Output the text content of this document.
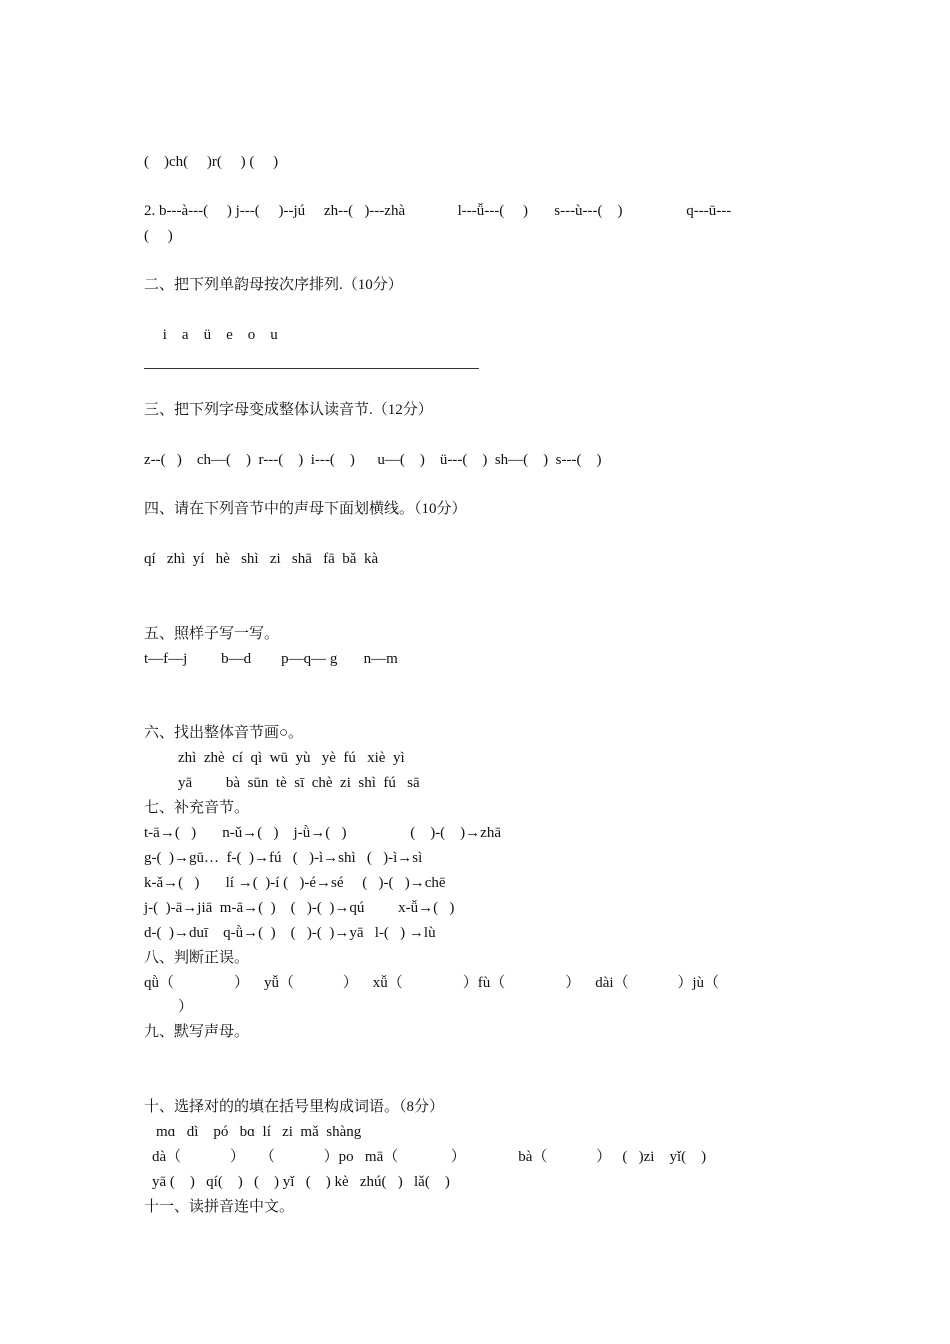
(    )ch(     )r(     ) (     )
2. b---à---(     ) j---(     )--jú     zh--(   )---zhà              l---ǚ---(     )       s---ù---(    )                 q---ū---
(     )
二、把下列单韵母按次序排列.（10分）
i    a    ü    e    o    u
三、把下列字母变成整体认读音节.（12分）
z--(   )    ch—(    )  r---(    )  i---(    )      u—(    )    ü---(    )  sh—(    )  s---(    )
四、请在下列音节中的声母下面划横线。（10分）
qí   zhì  yí   hè   shì   zi   shā   fā  bǎ  kà
五、照样子写一写。
t—f—j         b—d        p—q— g       n—m
六、找出整体音节画○。
zhì  zhè  cí  qì  wū  yù   yè  fú   xiè  yì
yā         bà  sūn  tè  sī  chè  zi  shì  fú   sā
七、补充音节。
t-ā→(   )       n-ǔ→(   )    j-ǜ→(   )                 (    )-(    )→zhā
g-(  )→gū…  f-(  )→fú   (   )-ì→shì   (   )-ì→sì
k-ǎ→(   )       lí →(  )-í (   )-é→sé     (   )-(   )→chē
j-(  )-ā→jiā  m-ā→(  )    (   )-(  )→qú         x-ǚ→(   )
d-(  )→duī    q-ǜ→(  )    (   )-(  )→yā   l-(   ) →lù
八、判断正误。
qǜ（                ）    yǚ（             ）    xǚ（                ）fù（                ）    dài（             ）jù（
）
九、默写声母。
十、选择对的的填在括号里构成词语。（8分）
mɑ   dì    pó   bɑ  lí   zi  mǎ  shàng
dà（             ）    （             ）po   mā（              ）              bà（             ）   (   )zi    yǐ(    )
yā (    )   qí(    )   (    ) yǐ   (    ) kè   zhú(   )   lǎ(    )
十一、读拼音连中文。
